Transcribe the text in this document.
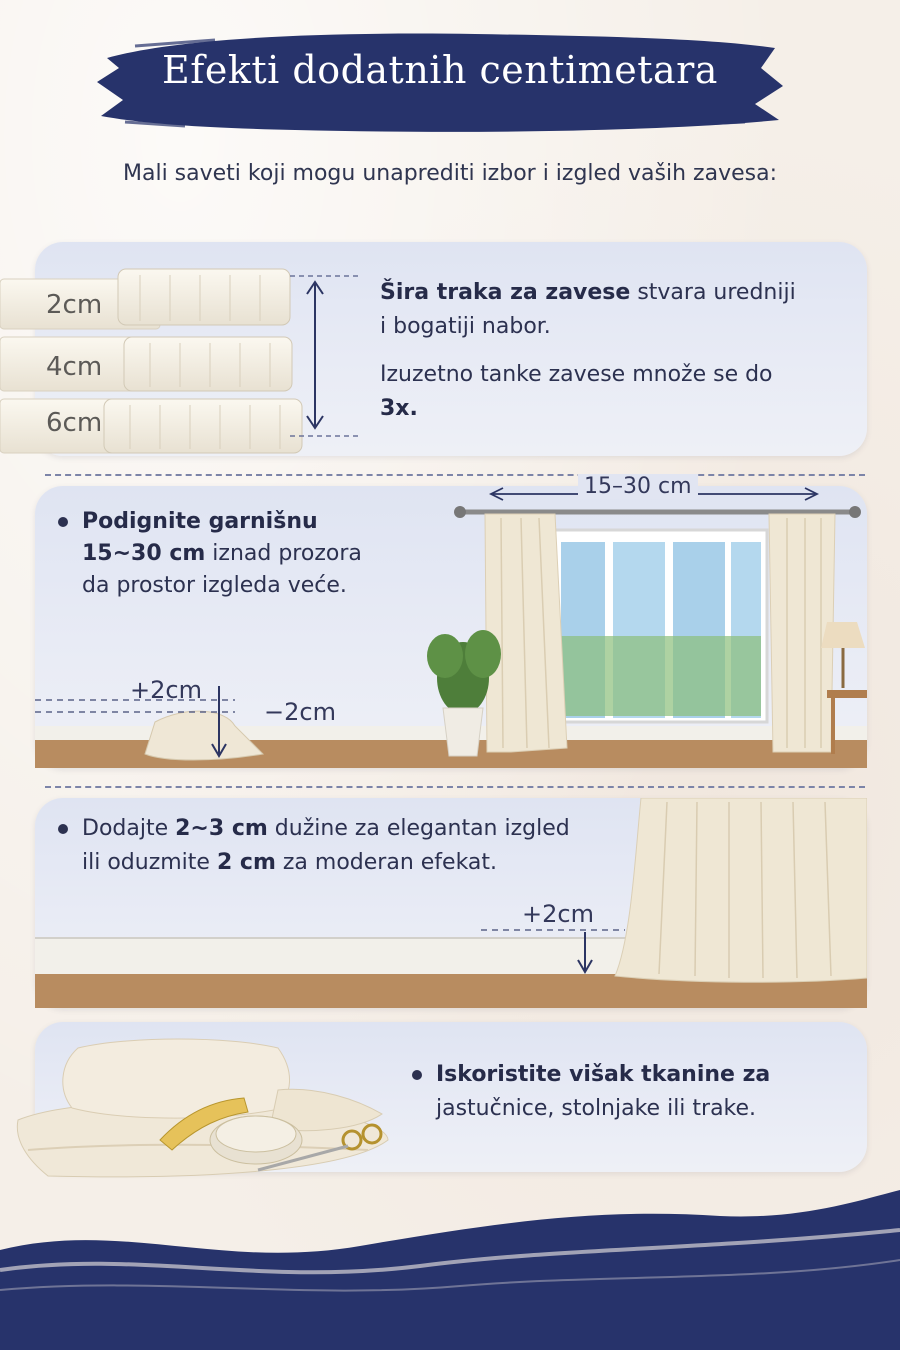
Efekti dodatnih centimetara
Mali saveti koji mogu unaprediti izbor i izgled vaših zavesa:
2cm
4cm
6cm
Šira traka za zavese stvara uredniji i bogatiji nabor.
Izuzetno tanke zavese množe se do 3x.
15–30 cm
+2cm
−2cm
Podignite garnišnu
15~30 cm iznad prozora
da prostor izgleda veće.
+2cm
Dodajte 2~3 cm dužine za elegantan izgled
ili oduzmite 2 cm za moderan efekat.
Iskoristite višak tkanine za
jastučnice, stolnjake ili trake.
